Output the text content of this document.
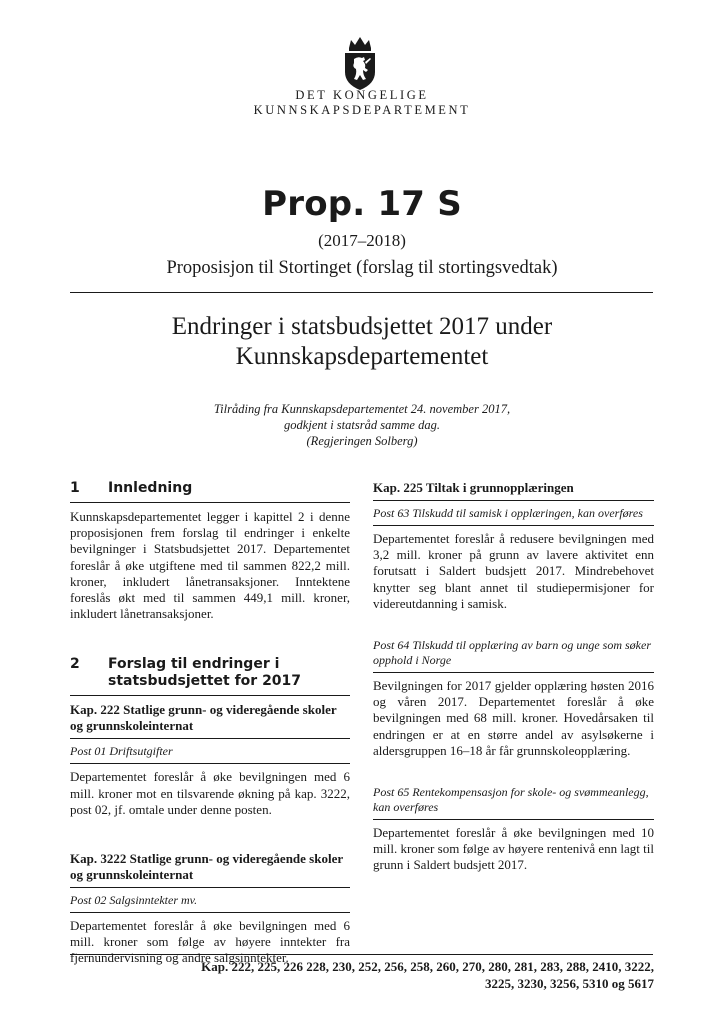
DET KONGELIGE
KUNNSKAPSDEPARTEMENT
Prop. 17 S
(2017–2018)
Proposisjon til Stortinget (forslag til stortingsvedtak)
Endringer i statsbudsjettet 2017 under
Kunnskapsdepartementet
Tilråding fra Kunnskapsdepartementet 24. november 2017,
godkjent i statsråd samme dag.
(Regjeringen Solberg)
1	Innledning

Kunnskapsdepartementet legger i kapittel 2 i denne proposisjonen frem forslag til endringer i enkelte bevilgninger i Statsbudsjettet 2017. Departementet foreslår å øke utgiftene med til sammen 822,2 mill. kroner, inkludert lånetransaksjoner. Inntektene foreslås økt med til sammen 449,1 mill. kroner, inkludert lånetransaksjoner.

2	Forslag til endringer i statsbudsjettet for 2017
Kap. 222 Statlige grunn- og videregående skoler og grunnskoleinternat
Post 01 Driftsutgifter

Departementet foreslår å øke bevilgningen med 6 mill. kroner mot en tilsvarende økning på kap. 3222, post 02, jf. omtale under denne posten.

Kap. 3222 Statlige grunn- og videregående skoler og grunnskoleinternat
Post 02 Salgsinntekter mv.

Departementet foreslår å øke bevilgningen med 6 mill. kroner som følge av høyere inntekter fra fjernundervisning og andre salgsinntekter.

Kap. 225 Tiltak i grunnopplæringen
Post 63 Tilskudd til samisk i opplæringen, kan overføres

Departementet foreslår å redusere bevilgningen med 3,2 mill. kroner på grunn av lavere aktivitet enn forutsatt i Saldert budsjett 2017. Mindrebehovet knytter seg blant annet til studiepermisjoner for videreutdanning i samisk.

Post 64 Tilskudd til opplæring av barn og unge som søker opphold i Norge

Bevilgningen for 2017 gjelder opplæring høsten 2016 og våren 2017. Departementet foreslår å øke bevilgningen med 68 mill. kroner. Hovedårsaken til endringen er at en større andel av asylsøkerne i aldersgruppen 16–18 år får grunnskoleopplæring.

Post 65 Rentekompensasjon for skole- og svømmeanlegg, kan overføres

Departementet foreslår å øke bevilgningen med 10 mill. kroner som følge av høyere rentenivå enn lagt til grunn i Saldert budsjett 2017.

Kap. 222, 225, 226 228, 230, 252, 256, 258, 260, 270, 280, 281, 283, 288, 2410, 3222,
3225, 3230, 3256, 5310 og 5617
